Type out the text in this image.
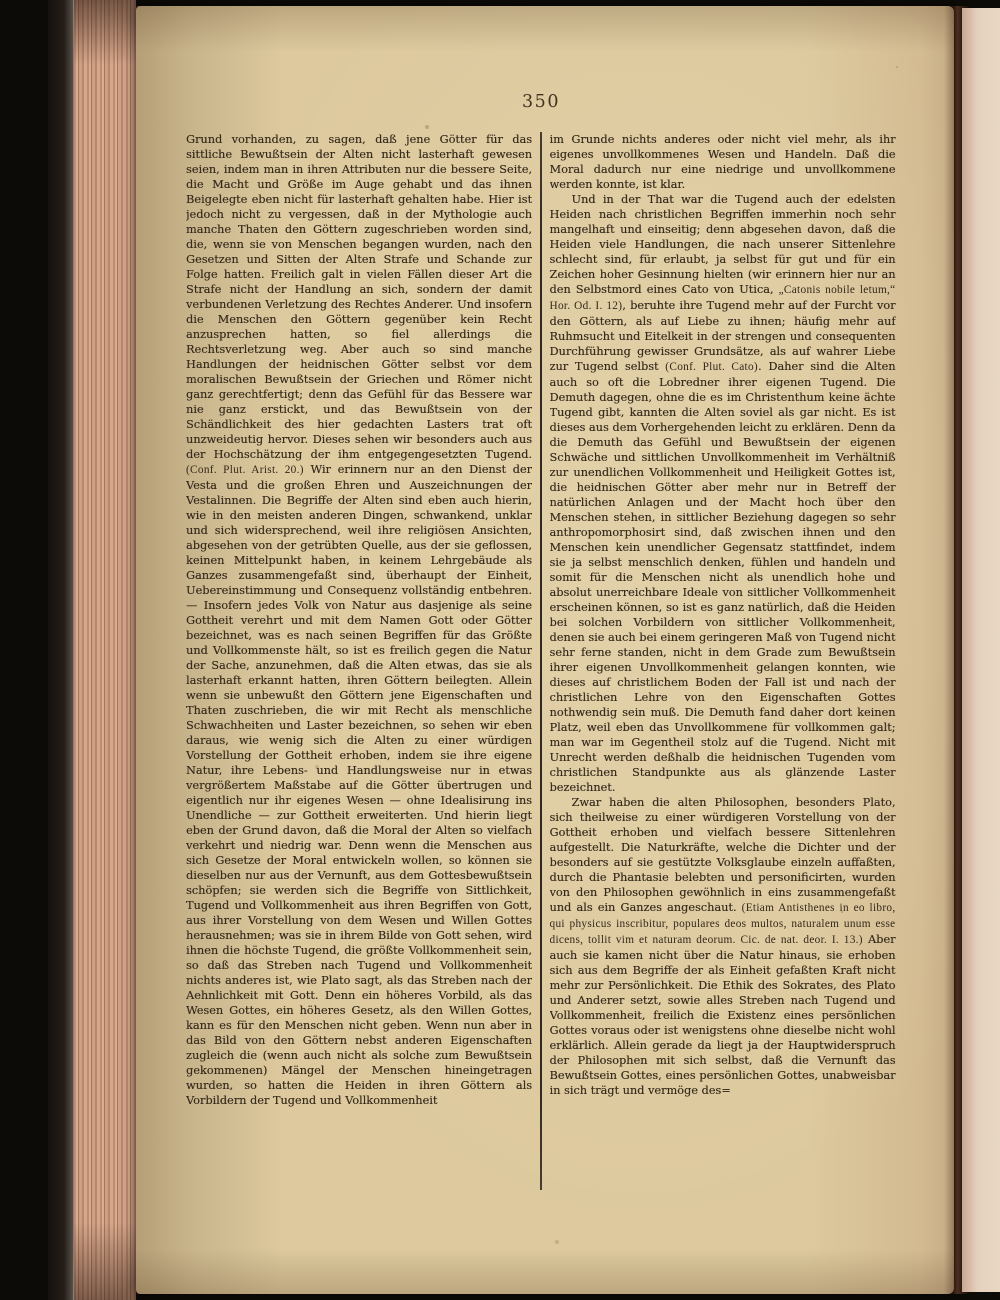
350

Grund vorhanden, zu sagen, daß jene Götter für das sittliche Bewußtsein der Alten nicht lasterhaft gewesen seien, indem man in ihren Attributen nur die bessere Seite, die Macht und Größe im Auge gehabt und das ihnen Beigelegte eben nicht für lasterhaft gehalten habe. Hier ist jedoch nicht zu vergessen, daß in der Mythologie auch manche Thaten den Göttern zugeschrieben worden sind, die, wenn sie von Menschen begangen wurden, nach den Gesetzen und Sitten der Alten Strafe und Schande zur Folge hatten. Freilich galt in vielen Fällen dieser Art die Strafe nicht der Handlung an sich, sondern der damit verbundenen Verletzung des Rechtes Anderer. Und insofern die Menschen den Göttern gegenüber kein Recht anzusprechen hatten, so fiel allerdings die Rechtsverletzung weg. Aber auch so sind manche Handlungen der heidnischen Götter selbst vor dem moralischen Bewußtsein der Griechen und Römer nicht ganz gerechtfertigt; denn das Gefühl für das Bessere war nie ganz erstickt, und das Bewußtsein von der Schändlichkeit des hier gedachten Lasters trat oft unzweideutig hervor. Dieses sehen wir besonders auch aus der Hochschätzung der ihm entgegengesetzten Tugend. (Conf. Plut. Arist. 20.) Wir erinnern nur an den Dienst der Vesta und die großen Ehren und Auszeichnungen der Vestalinnen. Die Begriffe der Alten sind eben auch hierin, wie in den meisten anderen Dingen, schwankend, unklar und sich widersprechend, weil ihre religiösen Ansichten, abgesehen von der getrübten Quelle, aus der sie geflossen, keinen Mittelpunkt haben, in keinem Lehrgebäude als Ganzes zusammengefaßt sind, überhaupt der Einheit, Uebereinstimmung und Consequenz vollständig entbehren. — Insofern jedes Volk von Natur aus dasjenige als seine Gottheit verehrt und mit dem Namen Gott oder Götter bezeichnet, was es nach seinen Begriffen für das Größte und Vollkommenste hält, so ist es freilich gegen die Natur der Sache, anzunehmen, daß die Alten etwas, das sie als lasterhaft erkannt hatten, ihren Göttern beilegten. Allein wenn sie unbewußt den Göttern jene Eigenschaften und Thaten zuschrieben, die wir mit Recht als menschliche Schwachheiten und Laster bezeichnen, so sehen wir eben daraus, wie wenig sich die Alten zu einer würdigen Vorstellung der Gottheit erhoben, indem sie ihre eigene Natur, ihre Lebens- und Handlungsweise nur in etwas vergrößertem Maßstabe auf die Götter übertrugen und eigentlich nur ihr eigenes Wesen — ohne Idealisirung ins Unendliche — zur Gottheit erweiterten. Und hierin liegt eben der Grund davon, daß die Moral der Alten so vielfach verkehrt und niedrig war. Denn wenn die Menschen aus sich Gesetze der Moral entwickeln wollen, so können sie dieselben nur aus der Vernunft, aus dem Gottesbewußtsein schöpfen; sie werden sich die Begriffe von Sittlichkeit, Tugend und Vollkommenheit aus ihren Begriffen von Gott, aus ihrer Vorstellung von dem Wesen und Willen Gottes herausnehmen; was sie in ihrem Bilde von Gott sehen, wird ihnen die höchste Tugend, die größte Vollkommenheit sein, so daß das Streben nach Tugend und Vollkommenheit nichts anderes ist, wie Plato sagt, als das Streben nach der Aehnlichkeit mit Gott. Denn ein höheres Vorbild, als das Wesen Gottes, ein höheres Gesetz, als den Willen Gottes, kann es für den Menschen nicht geben. Wenn nun aber in das Bild von den Göttern nebst anderen Eigenschaften zugleich die (wenn auch nicht als solche zum Bewußtsein gekommenen) Mängel der Menschen hineingetragen wurden, so hatten die Heiden in ihren Göttern als Vorbildern der Tugend und Vollkommenheit

im Grunde nichts anderes oder nicht viel mehr, als ihr eigenes unvollkommenes Wesen und Handeln. Daß die Moral dadurch nur eine niedrige und unvollkommene werden konnte, ist klar.

Und in der That war die Tugend auch der edelsten Heiden nach christlichen Begriffen immerhin noch sehr mangelhaft und einseitig; denn abgesehen davon, daß die Heiden viele Handlungen, die nach unserer Sittenlehre schlecht sind, für erlaubt, ja selbst für gut und für ein Zeichen hoher Gesinnung hielten (wir erinnern hier nur an den Selbstmord eines Cato von Utica, „Catonis nobile letum,“ Hor. Od. I. 12), beruhte ihre Tugend mehr auf der Furcht vor den Göttern, als auf Liebe zu ihnen; häufig mehr auf Ruhmsucht und Eitelkeit in der strengen und consequenten Durchführung gewisser Grundsätze, als auf wahrer Liebe zur Tugend selbst (Conf. Plut. Cato). Daher sind die Alten auch so oft die Lobredner ihrer eigenen Tugend. Die Demuth dagegen, ohne die es im Christenthum keine ächte Tugend gibt, kannten die Alten soviel als gar nicht. Es ist dieses aus dem Vorhergehenden leicht zu erklären. Denn da die Demuth das Gefühl und Bewußtsein der eigenen Schwäche und sittlichen Unvollkommenheit im Verhältniß zur unendlichen Vollkommenheit und Heiligkeit Gottes ist, die heidnischen Götter aber mehr nur in Betreff der natürlichen Anlagen und der Macht hoch über den Menschen stehen, in sittlicher Beziehung dagegen so sehr anthropomorphosirt sind, daß zwischen ihnen und den Menschen kein unendlicher Gegensatz stattfindet, indem sie ja selbst menschlich denken, fühlen und handeln und somit für die Menschen nicht als unendlich hohe und absolut unerreichbare Ideale von sittlicher Vollkommenheit erscheinen können, so ist es ganz natürlich, daß die Heiden bei solchen Vorbildern von sittlicher Vollkommenheit, denen sie auch bei einem geringeren Maß von Tugend nicht sehr ferne standen, nicht in dem Grade zum Bewußtsein ihrer eigenen Unvollkommenheit gelangen konnten, wie dieses auf christlichem Boden der Fall ist und nach der christlichen Lehre von den Eigenschaften Gottes nothwendig sein muß. Die Demuth fand daher dort keinen Platz, weil eben das Unvollkommene für vollkommen galt; man war im Gegentheil stolz auf die Tugend. Nicht mit Unrecht werden deßhalb die heidnischen Tugenden vom christlichen Standpunkte aus als glänzende Laster bezeichnet.

Zwar haben die alten Philosophen, besonders Plato, sich theilweise zu einer würdigeren Vorstellung von der Gottheit erhoben und vielfach bessere Sittenlehren aufgestellt. Die Naturkräfte, welche die Dichter und der besonders auf sie gestützte Volksglaube einzeln auffaßten, durch die Phantasie belebten und personificirten, wurden von den Philosophen gewöhnlich in eins zusammengefaßt und als ein Ganzes angeschaut. (Etiam Antisthenes in eo libro, qui physicus inscribitur, populares deos multos, naturalem unum esse dicens, tollit vim et naturam deorum. Cic. de nat. deor. I. 13.) Aber auch sie kamen nicht über die Natur hinaus, sie erhoben sich aus dem Begriffe der als Einheit gefaßten Kraft nicht mehr zur Persönlichkeit. Die Ethik des Sokrates, des Plato und Anderer setzt, sowie alles Streben nach Tugend und Vollkommenheit, freilich die Existenz eines persönlichen Gottes voraus oder ist wenigstens ohne dieselbe nicht wohl erklärlich. Allein gerade da liegt ja der Hauptwiderspruch der Philosophen mit sich selbst, daß die Vernunft das Bewußtsein Gottes, eines persönlichen Gottes, unabweisbar in sich trägt und vermöge des=
